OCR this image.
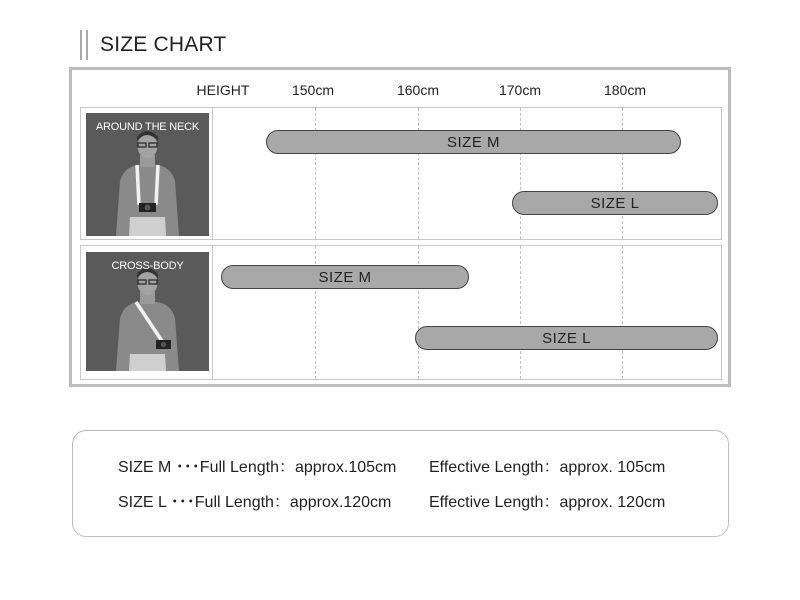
SIZE CHART
HEIGHT	150cm	160cm	170cm	180cm
AROUND THE NECK
SIZE M
SIZE L
CROSS-BODY
SIZE M
SIZE L
SIZE M ･･･Full Length：approx.105cm Effective Length：approx. 105cm
SIZE L ･･･Full Length：approx.120cm Effective Length：approx. 120cm
